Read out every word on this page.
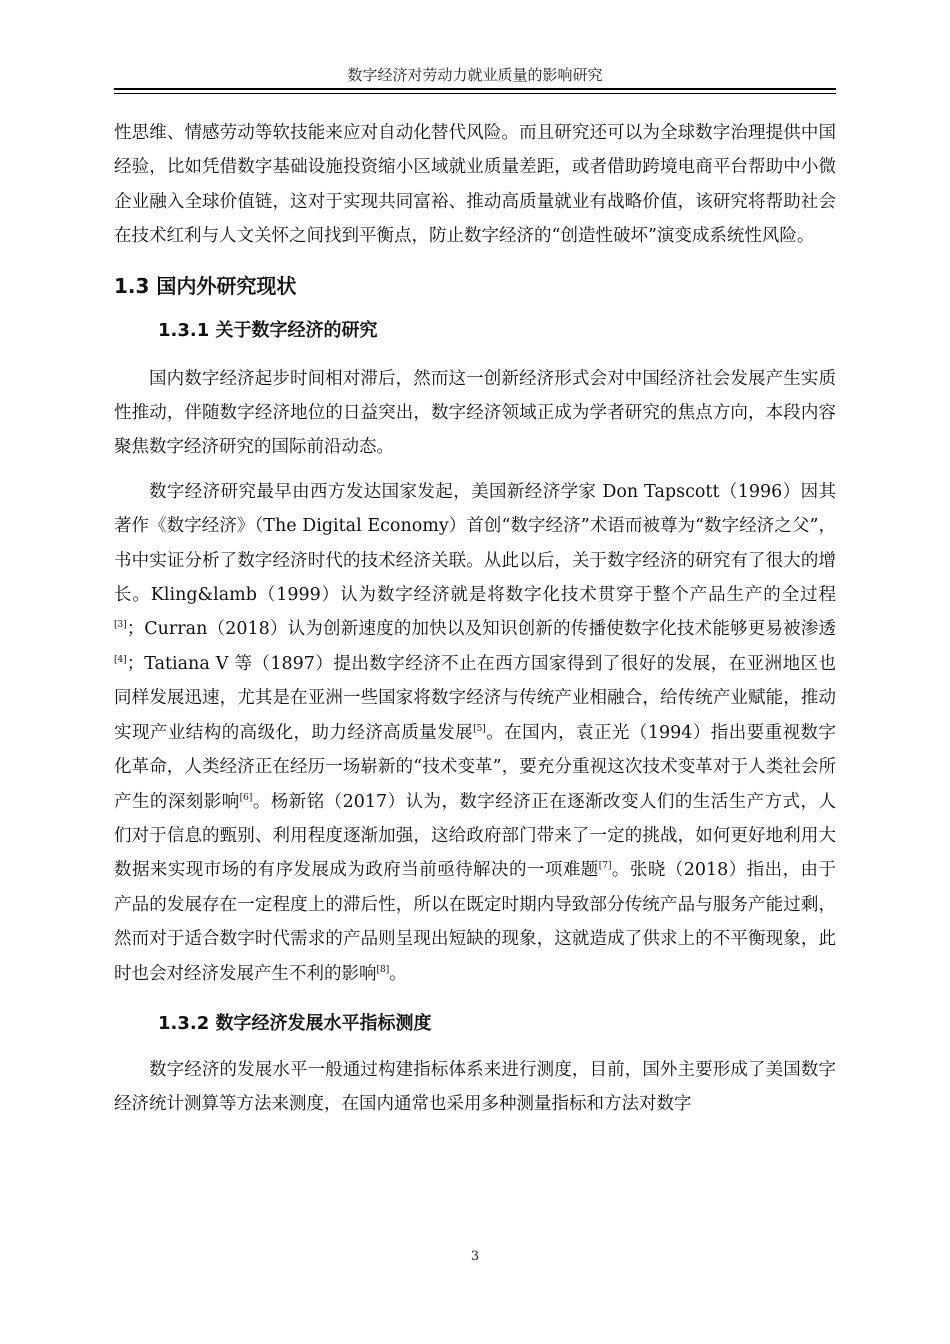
数字经济对劳动力就业质量的影响研究

性思维、情感劳动等软技能来应对自动化替代风险。而且研究还可以为全球数字治理提供中国经验，比如凭借数字基础设施投资缩小区域就业质量差距，或者借助跨境电商平台帮助中小微企业融入全球价值链，这对于实现共同富裕、推动高质量就业有战略价值，该研究将帮助社会在技术红利与人文关怀之间找到平衡点，防止数字经济的“创造性破坏”演变成系统性风险。

1.3 国内外研究现状
1.3.1 关于数字经济的研究

国内数字经济起步时间相对滞后，然而这一创新经济形式会对中国经济社会发展产生实质性推动，伴随数字经济地位的日益突出，数字经济领域正成为学者研究的焦点方向，本段内容聚焦数字经济研究的国际前沿动态。

数字经济研究最早由西方发达国家发起，美国新经济学家 Don Tapscott（1996）因其著作《数字经济》（The Digital Economy）首创“数字经济”术语而被尊为“数字经济之父”，书中实证分析了数字经济时代的技术经济关联。从此以后，关于数字经济的研究有了很大的增长。Kling&lamb（1999）认为数字经济就是将数字化技术贯穿于整个产品生产的全过程[3]；Curran（2018）认为创新速度的加快以及知识创新的传播使数字化技术能够更易被渗透[4]；Tatiana V 等（1897）提出数字经济不止在西方国家得到了很好的发展，在亚洲地区也同样发展迅速，尤其是在亚洲一些国家将数字经济与传统产业相融合，给传统产业赋能，推动实现产业结构的高级化，助力经济高质量发展[5]。在国内，袁正光（1994）指出要重视数字化革命，人类经济正在经历一场崭新的“技术变革”，要充分重视这次技术变革对于人类社会所产生的深刻影响[6]。杨新铭（2017）认为，数字经济正在逐渐改变人们的生活生产方式，人们对于信息的甄别、利用程度逐渐加强，这给政府部门带来了一定的挑战，如何更好地利用大数据来实现市场的有序发展成为政府当前亟待解决的一项难题[7]。张晓（2018）指出，由于产品的发展存在一定程度上的滞后性，所以在既定时期内导致部分传统产品与服务产能过剩，然而对于适合数字时代需求的产品则呈现出短缺的现象，这就造成了供求上的不平衡现象，此时也会对经济发展产生不利的影响[8]。

1.3.2 数字经济发展水平指标测度

数字经济的发展水平一般通过构建指标体系来进行测度，目前，国外主要形成了美国数字经济统计测算等方法来测度，在国内通常也采用多种测量指标和方法对数字

3
